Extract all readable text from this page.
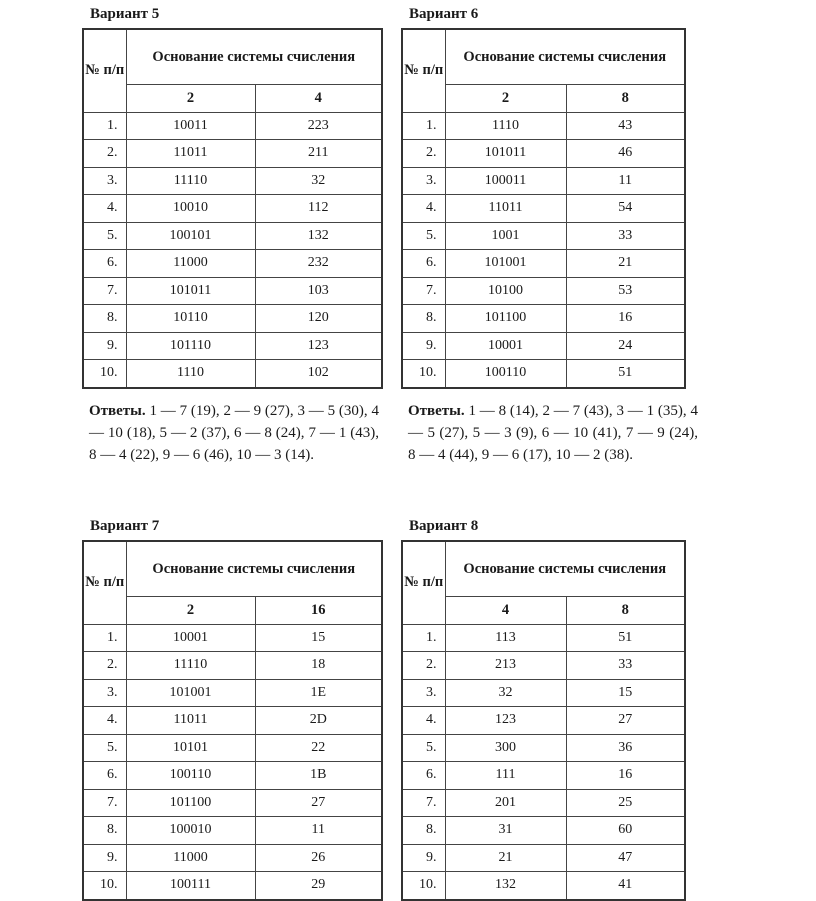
Вариант 5
№ п/п	Основание системы счисления	
	2	4
1.	10011	223
2.	11011	211
3.	11110	32
4.	10010	112
5.	100101	132
6.	11000	232
7.	101011	103
8.	10110	120
9.	101110	123
10.	1110	102
Ответы. 1 — 7 (19), 2 — 9 (27), 3 — 5 (30), 4 — 10 (18), 5 — 2 (37), 6 — 8 (24), 7 — 1 (43), 8 — 4 (22), 9 — 6 (46), 10 — 3 (14).
Вариант 6
№ п/п	Основание системы счисления	
	2	8
1.	1110	43
2.	101011	46
3.	100011	11
4.	11011	54
5.	1001	33
6.	101001	21
7.	10100	53
8.	101100	16
9.	10001	24
10.	100110	51
Ответы. 1 — 8 (14), 2 — 7 (43), 3 — 1 (35), 4 — 5 (27), 5 — 3 (9), 6 — 10 (41), 7 — 9 (24), 8 — 4 (44), 9 — 6 (17), 10 — 2 (38).
Вариант 7
№ п/п	Основание системы счисления	
	2	16
1.	10001	15
2.	11110	18
3.	101001	1E
4.	11011	2D
5.	10101	22
6.	100110	1B
7.	101100	27
8.	100010	11
9.	11000	26
10.	100111	29
Вариант 8
№ п/п	Основание системы счисления	
	4	8
1.	113	51
2.	213	33
3.	32	15
4.	123	27
5.	300	36
6.	111	16
7.	201	25
8.	31	60
9.	21	47
10.	132	41
